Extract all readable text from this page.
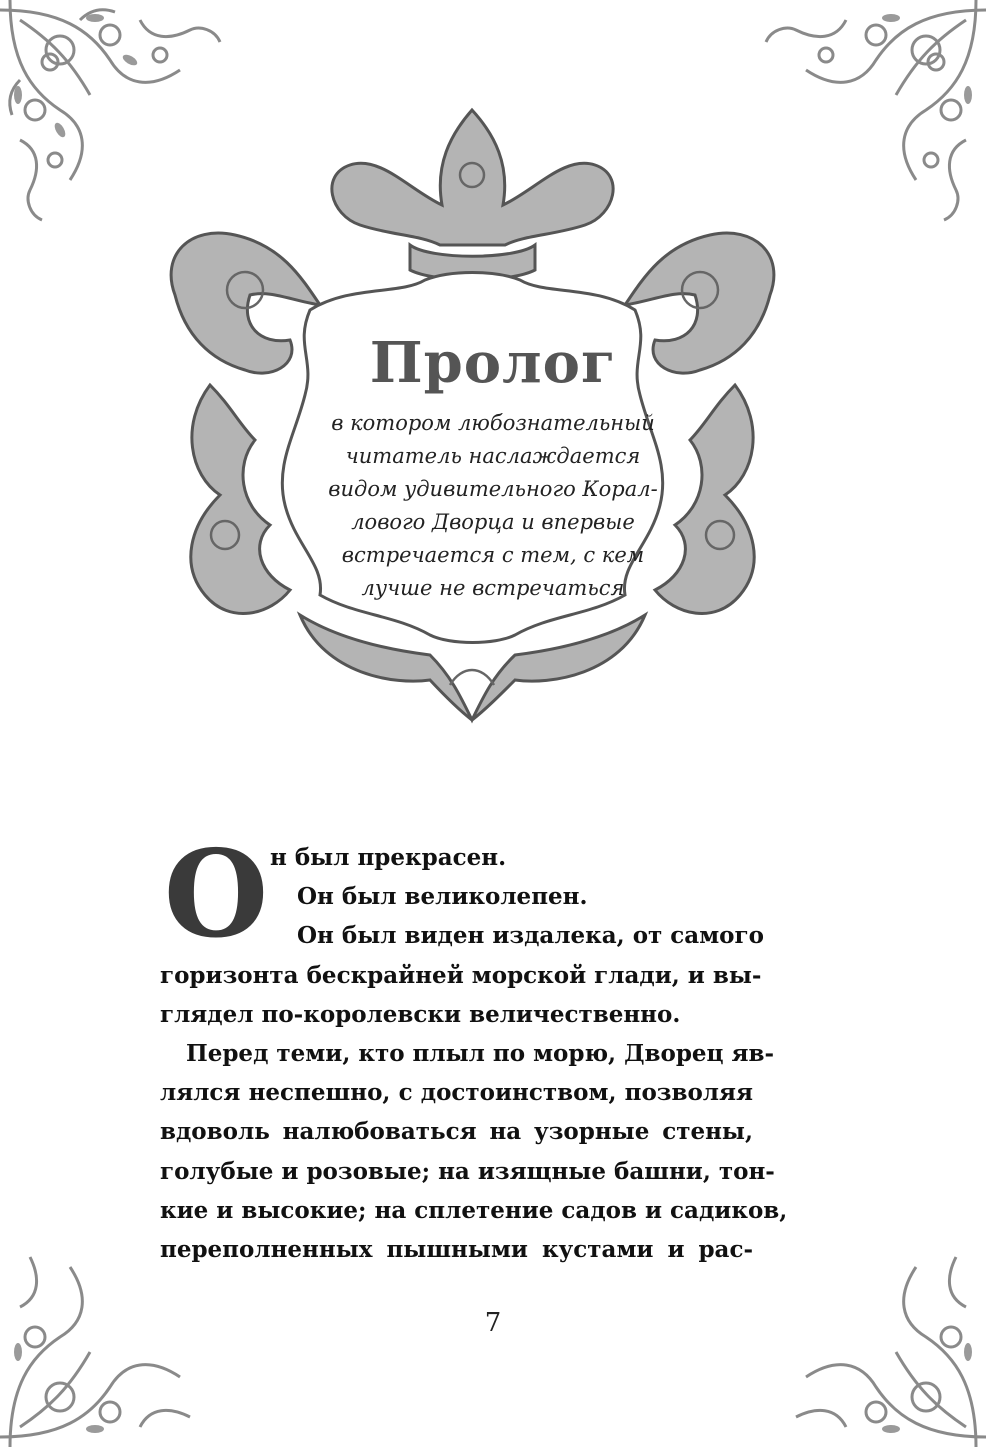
Пролог
в котором любознательный
читатель наслаждается
видом удивительного Корал-
лового Дворца и впервые
встречается с тем, с кем
лучше не встречаться
О н был прекрасен.
Он был великолепен.
Он был виден издалека, от самого
горизонта бескрайней морской глади, и вы-
глядел по-королевски величественно.
Перед теми, кто плыл по морю, Дворец яв-
лялся неспешно, с достоинством, позволяя
вдоволь налюбоваться на узорные стены,
голубые и розовые; на изящные башни, тон-
кие и высокие; на сплетение садов и садиков,
переполненных пышными кустами и рас-
7
